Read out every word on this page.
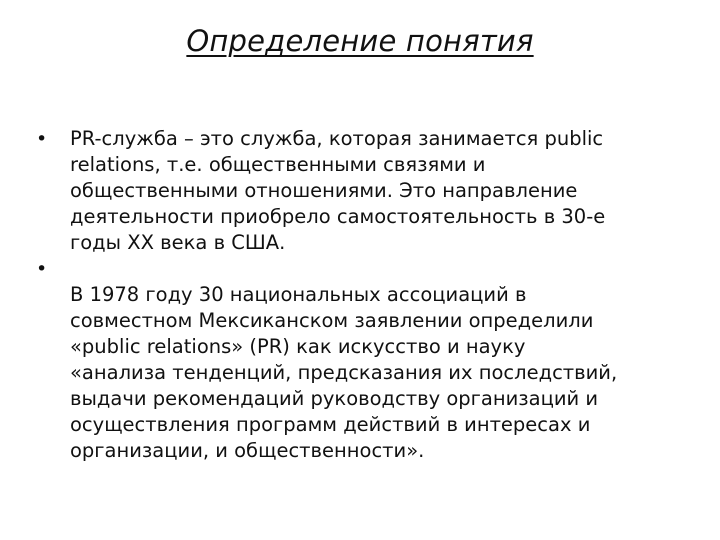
Определение понятия
•	PR-служба – это служба, которая занимается public
relations, т.е. общественными связями и
общественными отношениями. Это направление
деятельности приобрело самостоятельность в 30-е
годы ХХ века в США.
•
В 1978 году 30 национальных ассоциаций в
совместном Мексиканском заявлении определили
«public relations» (PR) как искусство и науку
«анализа тенденций, предсказания их последствий,
выдачи рекомендаций руководству организаций и
осуществления программ действий в интересах и
организации, и общественности».
